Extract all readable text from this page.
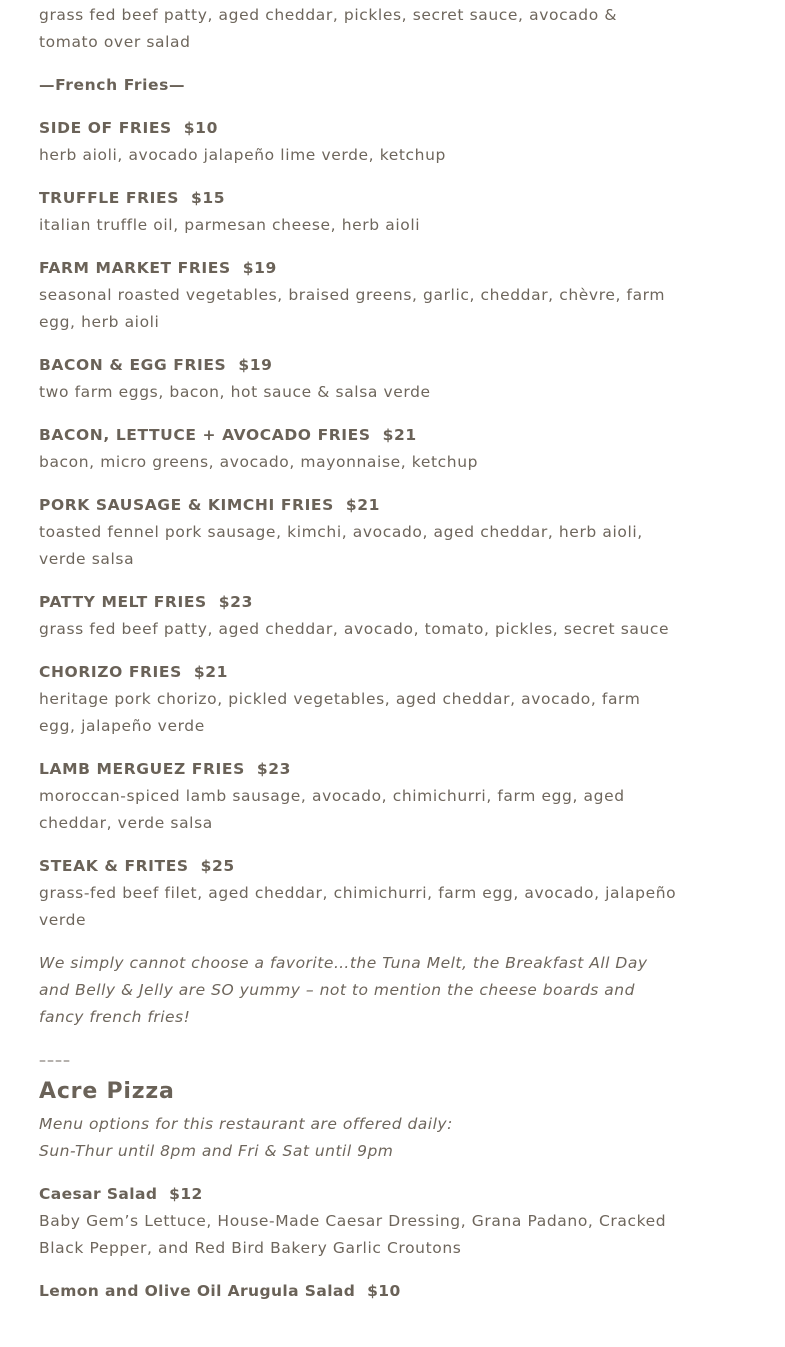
grass fed beef patty, aged cheddar, pickles, secret sauce, avocado & tomato over salad

—French Fries—

SIDE OF FRIES $10

herb aioli, avocado jalapeño lime verde, ketchup

TRUFFLE FRIES $15

italian truffle oil, parmesan cheese, herb aioli

FARM MARKET FRIES $19

seasonal roasted vegetables, braised greens, garlic, cheddar, chèvre, farm egg, herb aioli

BACON & EGG FRIES $19

two farm eggs, bacon, hot sauce & salsa verde

BACON, LETTUCE + AVOCADO FRIES $21

bacon, micro greens, avocado, mayonnaise, ketchup

PORK SAUSAGE & KIMCHI FRIES $21

toasted fennel pork sausage, kimchi, avocado, aged cheddar, herb aioli, verde salsa

PATTY MELT FRIES $23

grass fed beef patty, aged cheddar, avocado, tomato, pickles, secret sauce

CHORIZO FRIES $21

heritage pork chorizo, pickled vegetables, aged cheddar, avocado, farm egg, jalapeño verde

LAMB MERGUEZ FRIES $23

moroccan-spiced lamb sausage, avocado, chimichurri, farm egg, aged cheddar, verde salsa

STEAK & FRITES $25

grass-fed beef filet, aged cheddar, chimichurri, farm egg, avocado, jalapeño verde

We simply cannot choose a favorite…the Tuna Melt, the Breakfast All Day and Belly & Jelly are SO yummy – not to mention the cheese boards and fancy french fries!

––––

Acre Pizza

Menu options for this restaurant are offered daily:
Sun-Thur until 8pm and Fri & Sat until 9pm

Caesar Salad $12

Baby Gem’s Lettuce, House-Made Caesar Dressing, Grana Padano, Cracked Black Pepper, and Red Bird Bakery Garlic Croutons

Lemon and Olive Oil Arugula Salad $10
